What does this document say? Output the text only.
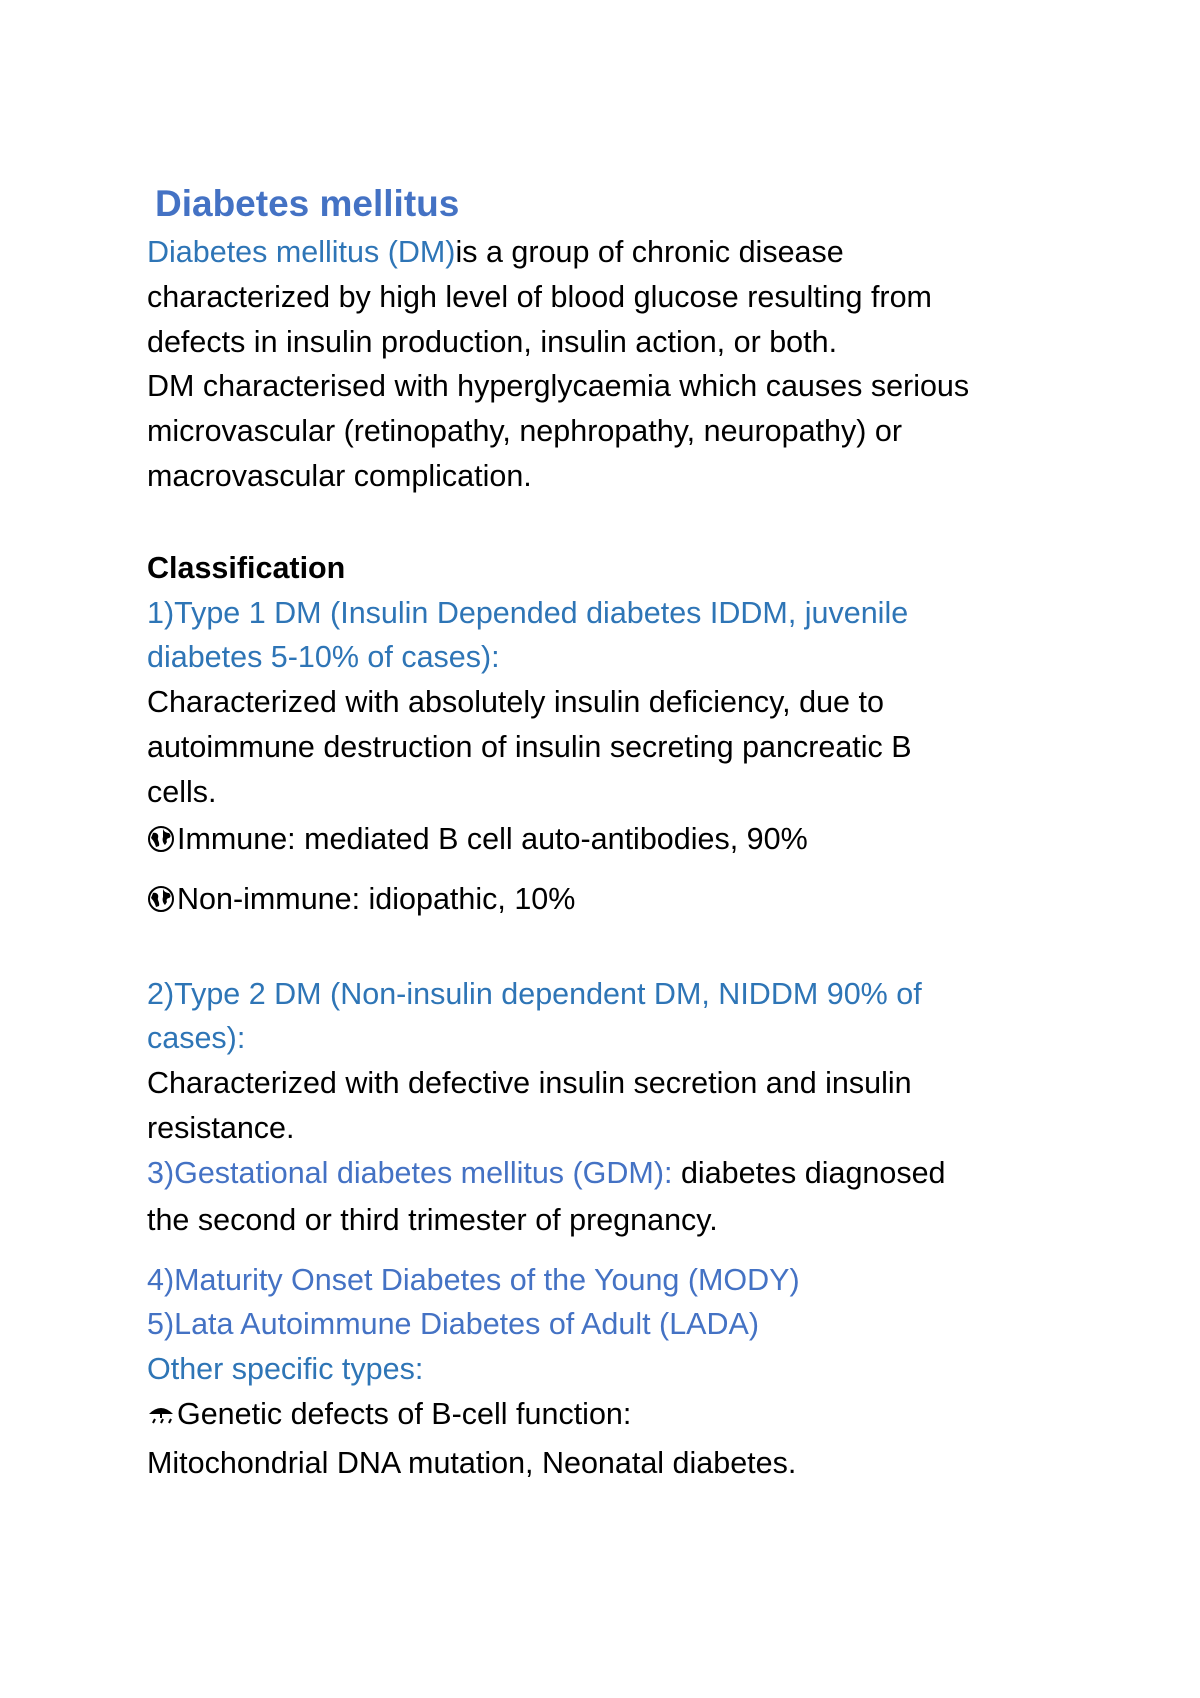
Diabetes mellitus

Diabetes mellitus (DM)is a group of chronic disease

characterized by high level of blood glucose resulting from

defects in insulin production, insulin action, or both.

DM characterised with hyperglycaemia which causes serious

microvascular (retinopathy, nephropathy, neuropathy) or

macrovascular complication.

Classification

1)Type 1 DM (Insulin Depended diabetes IDDM, juvenile

diabetes 5-10% of cases):

Characterized with absolutely insulin deficiency, due to

autoimmune destruction of insulin secreting pancreatic B

cells.

Immune: mediated B cell auto-antibodies, 90%

Non-immune: idiopathic, 10%

2)Type 2 DM (Non-insulin dependent DM, NIDDM 90% of

cases):

Characterized with defective insulin secretion and insulin

resistance.

3)Gestational diabetes mellitus (GDM): diabetes diagnosed

the second or third trimester of pregnancy.

4)Maturity Onset Diabetes of the Young (MODY)

5)Lata Autoimmune Diabetes of Adult (LADA)

Other specific types:

Genetic defects of B-cell function:

Mitochondrial DNA mutation, Neonatal diabetes.
